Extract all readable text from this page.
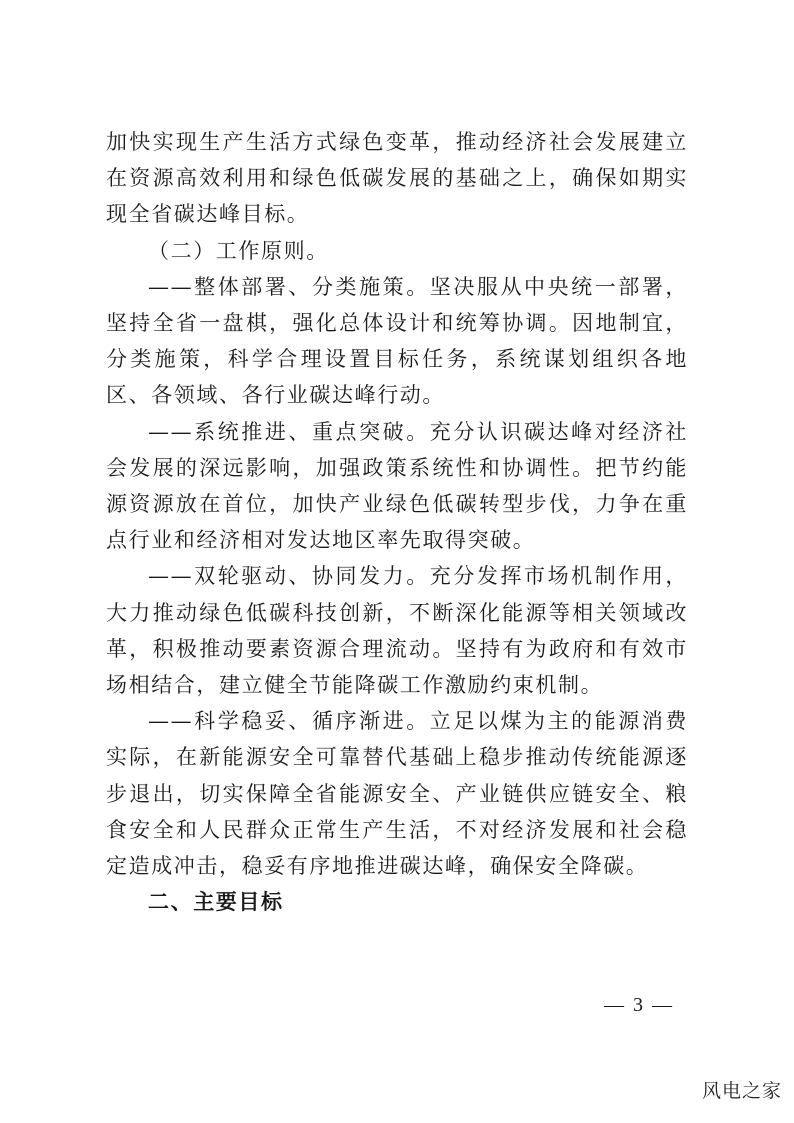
加快实现生产生活方式绿色变革，推动经济社会发展建立在资源高效利用和绿色低碳发展的基础之上，确保如期实现全省碳达峰目标。

（二）工作原则。

——整体部署、分类施策。坚决服从中央统一部署，坚持全省一盘棋，强化总体设计和统筹协调。因地制宜，分类施策，科学合理设置目标任务，系统谋划组织各地区、各领域、各行业碳达峰行动。

——系统推进、重点突破。充分认识碳达峰对经济社会发展的深远影响，加强政策系统性和协调性。把节约能源资源放在首位，加快产业绿色低碳转型步伐，力争在重点行业和经济相对发达地区率先取得突破。

——双轮驱动、协同发力。充分发挥市场机制作用，大力推动绿色低碳科技创新，不断深化能源等相关领域改革，积极推动要素资源合理流动。坚持有为政府和有效市场相结合，建立健全节能降碳工作激励约束机制。

——科学稳妥、循序渐进。立足以煤为主的能源消费实际，在新能源安全可靠替代基础上稳步推动传统能源逐步退出，切实保障全省能源安全、产业链供应链安全、粮食安全和人民群众正常生产生活，不对经济发展和社会稳定造成冲击，稳妥有序地推进碳达峰，确保安全降碳。

二、主要目标

— 3 —
风电之家
